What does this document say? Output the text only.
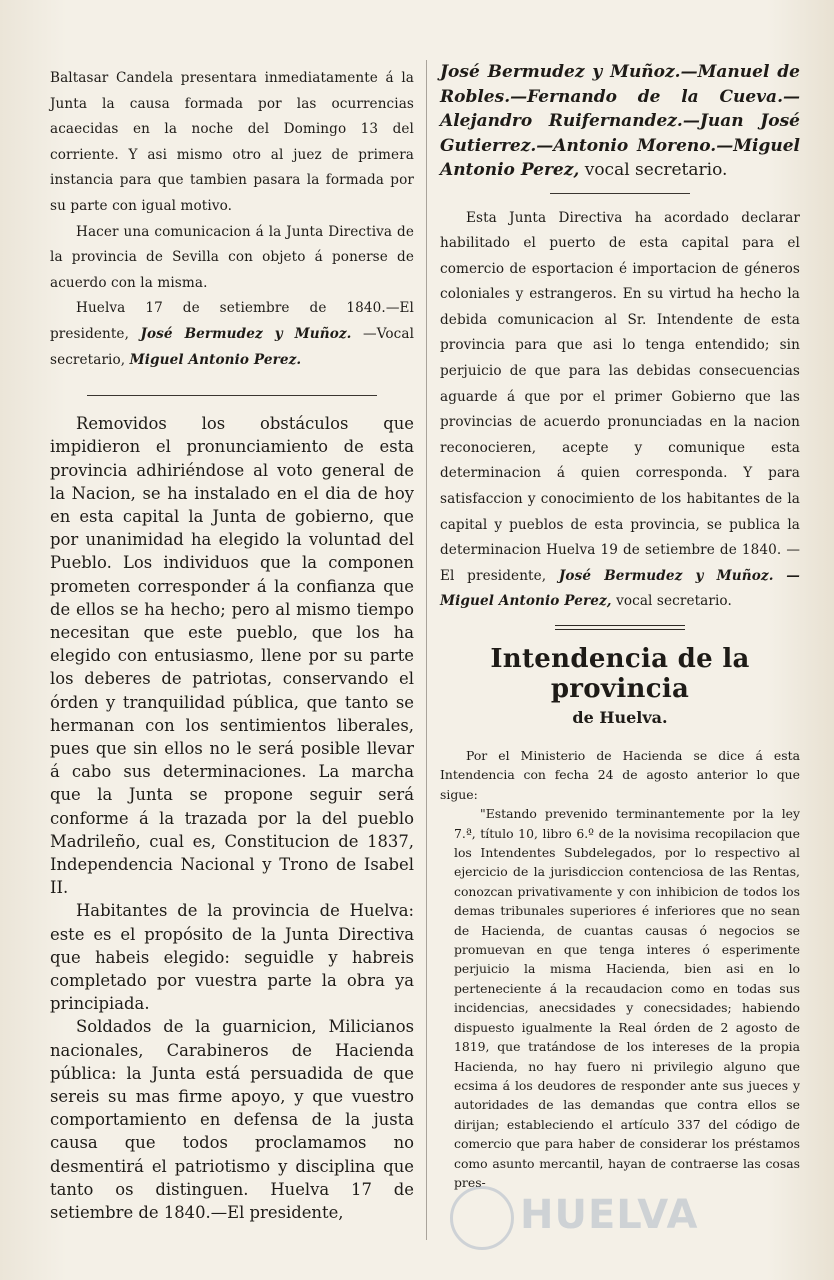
Baltasar Candela presentara inmediatamente á la Junta la causa formada por las ocurrencias acaecidas en la noche del Domingo 13 del corriente. Y asi mismo otro al juez de primera instancia para que tambien pasara la formada por su parte con igual motivo.

Hacer una comunicacion á la Junta Directiva de la provincia de Sevilla con objeto á ponerse de acuerdo con la misma.

Huelva 17 de setiembre de 1840.—El presidente, José Bermudez y Muñoz. —Vocal secretario, Miguel Antonio Perez.

Removidos los obstáculos que impidieron el pronunciamiento de esta provincia adhiriéndose al voto general de la Nacion, se ha instalado en el dia de hoy en esta capital la Junta de gobierno, que por unanimidad ha elegido la voluntad del Pueblo. Los individuos que la componen prometen corresponder á la confianza que de ellos se ha hecho; pero al mismo tiempo necesitan que este pueblo, que los ha elegido con entusiasmo, llene por su parte los deberes de patriotas, conservando el órden y tranquilidad pública, que tanto se hermanan con los sentimientos liberales, pues que sin ellos no le será posible llevar á cabo sus determinaciones. La marcha que la Junta se propone seguir será conforme á la trazada por la del pueblo Madrileño, cual es, Constitucion de 1837, Independencia Nacional y Trono de Isabel II.

Habitantes de la provincia de Huelva: este es el propósito de la Junta Directiva que habeis elegido: seguidle y habreis completado por vuestra parte la obra ya principiada.

Soldados de la guarnicion, Milicianos nacionales, Carabineros de Hacienda pública: la Junta está persuadida de que sereis su mas firme apoyo, y que vuestro comportamiento en defensa de la justa causa que todos proclamamos no desmentirá el patriotismo y disciplina que tanto os distinguen. Huelva 17 de setiembre de 1840.—El presidente,

José Bermudez y Muñoz.—Manuel de Robles.—Fernando de la Cueva.—Alejandro Ruifernandez.—Juan José Gutierrez.—Antonio Moreno.—Miguel Antonio Perez, vocal secretario.

Esta Junta Directiva ha acordado declarar habilitado el puerto de esta capital para el comercio de esportacion é importacion de géneros coloniales y estrangeros. En su virtud ha hecho la debida comunicacion al Sr. Intendente de esta provincia para que asi lo tenga entendido; sin perjuicio de que para las debidas consecuencias aguarde á que por el primer Gobierno que las provincias de acuerdo pronunciadas en la nacion reconocieren, acepte y comunique esta determinacion á quien corresponda. Y para satisfaccion y conocimiento de los habitantes de la capital y pueblos de esta provincia, se publica la determinacion Huelva 19 de setiembre de 1840. —El presidente, José Bermudez y Muñoz. —Miguel Antonio Perez, vocal secretario.

Intendencia de la provincia
de Huelva.

Por el Ministerio de Hacienda se dice á esta Intendencia con fecha 24 de agosto anterior lo que sigue:

"Estando prevenido terminantemente por la ley 7.ª, título 10, libro 6.º de la novisima recopilacion que los Intendentes Subdelegados, por lo respectivo al ejercicio de la jurisdiccion contenciosa de las Rentas, conozcan privativamente y con inhibicion de todos los demas tribunales superiores é inferiores que no sean de Hacienda, de cuantas causas ó negocios se promuevan en que tenga interes ó esperimente perjuicio la misma Hacienda, bien asi en lo perteneciente á la recaudacion como en todas sus incidencias, anecsidades y conecsidades; habiendo dispuesto igualmente la Real órden de 2 agosto de 1819, que tratándose de los intereses de la propia Hacienda, no hay fuero ni privilegio alguno que ecsima á los deudores de responder ante sus jueces y autoridades de las demandas que contra ellos se dirijan; estableciendo el artículo 337 del código de comercio que para haber de considerar los préstamos como asunto mercantil, hayan de contraerse las cosas pres-

HUELVA
